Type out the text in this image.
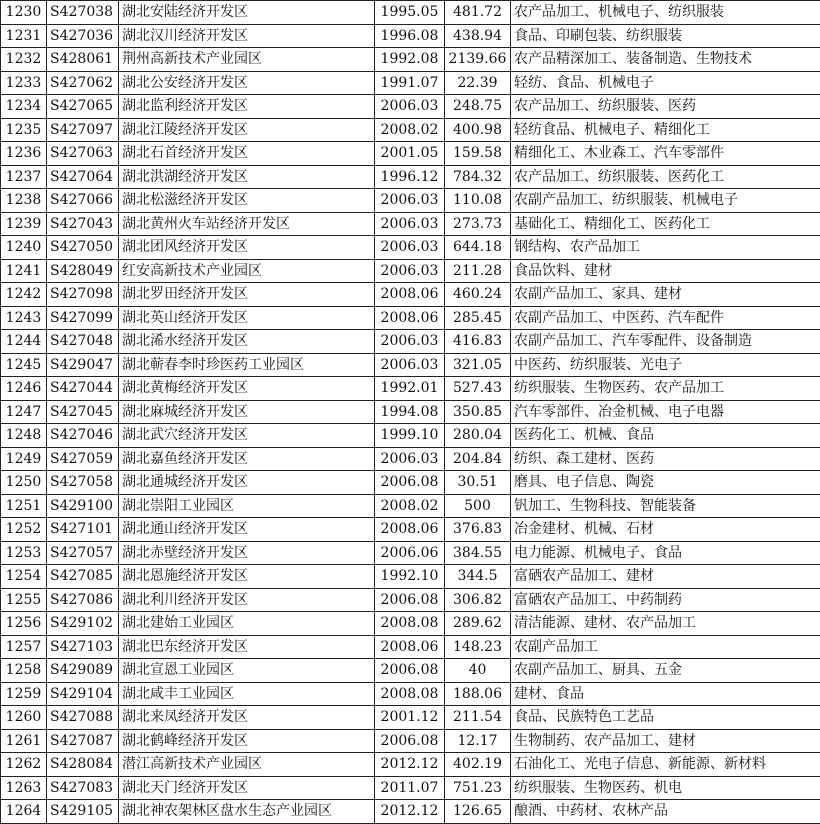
1230	S427038	湖北安陆经济开发区	1995.05	481.72	农产品加工、机械电子、纺织服装
1231	S427036	湖北汉川经济开发区	1996.08	438.94	食品、印刷包装、纺织服装
1232	S428061	荆州高新技术产业园区	1992.08	2139.66	农产品精深加工、装备制造、生物技术
1233	S427062	湖北公安经济开发区	1991.07	22.39	轻纺、食品、机械电子
1234	S427065	湖北监利经济开发区	2006.03	248.75	农产品加工、纺织服装、医药
1235	S427097	湖北江陵经济开发区	2008.02	400.98	轻纺食品、机械电子、精细化工
1236	S427063	湖北石首经济开发区	2001.05	159.58	精细化工、木业森工、汽车零部件
1237	S427064	湖北洪湖经济开发区	1996.12	784.32	农产品加工、纺织服装、医药化工
1238	S427066	湖北松滋经济开发区	2006.03	110.08	农副产品加工、纺织服装、机械电子
1239	S427043	湖北黄州火车站经济开发区	2006.03	273.73	基础化工、精细化工、医药化工
1240	S427050	湖北团风经济开发区	2006.03	644.18	钢结构、农产品加工
1241	S428049	红安高新技术产业园区	2006.03	211.28	食品饮料、建材
1242	S427098	湖北罗田经济开发区	2008.06	460.24	农副产品加工、家具、建材
1243	S427099	湖北英山经济开发区	2008.06	285.45	农副产品加工、中医药、汽车配件
1244	S427048	湖北浠水经济开发区	2006.03	416.83	农副产品加工、汽车零配件、设备制造
1245	S429047	湖北蕲春李时珍医药工业园区	2006.03	321.05	中医药、纺织服装、光电子
1246	S427044	湖北黄梅经济开发区	1992.01	527.43	纺织服装、生物医药、农产品加工
1247	S427045	湖北麻城经济开发区	1994.08	350.85	汽车零部件、冶金机械、电子电器
1248	S427046	湖北武穴经济开发区	1999.10	280.04	医药化工、机械、食品
1249	S427059	湖北嘉鱼经济开发区	2006.03	204.84	纺织、森工建材、医药
1250	S427058	湖北通城经济开发区	2006.08	30.51	磨具、电子信息、陶瓷
1251	S429100	湖北崇阳工业园区	2008.02	500	钒加工、生物科技、智能装备
1252	S427101	湖北通山经济开发区	2008.06	376.83	冶金建材、机械、石材
1253	S427057	湖北赤壁经济开发区	2006.06	384.55	电力能源、机械电子、食品
1254	S427085	湖北恩施经济开发区	1992.10	344.5	富硒农产品加工、建材
1255	S427086	湖北利川经济开发区	2006.08	306.82	富硒农产品加工、中药制药
1256	S429102	湖北建始工业园区	2008.08	289.62	清洁能源、建材、农产品加工
1257	S427103	湖北巴东经济开发区	2008.06	148.23	农副产品加工
1258	S429089	湖北宣恩工业园区	2006.08	40	农副产品加工、厨具、五金
1259	S429104	湖北咸丰工业园区	2008.08	188.06	建材、食品
1260	S427088	湖北来凤经济开发区	2001.12	211.54	食品、民族特色工艺品
1261	S427087	湖北鹤峰经济开发区	2006.08	12.17	生物制药、农产品加工、建材
1262	S428084	潜江高新技术产业园区	2012.12	402.19	石油化工、光电子信息、新能源、新材料
1263	S427083	湖北天门经济开发区	2011.07	751.23	纺织服装、生物医药、机电
1264	S429105	湖北神农架林区盘水生态产业园区	2012.12	126.65	酿酒、中药材、农林产品
